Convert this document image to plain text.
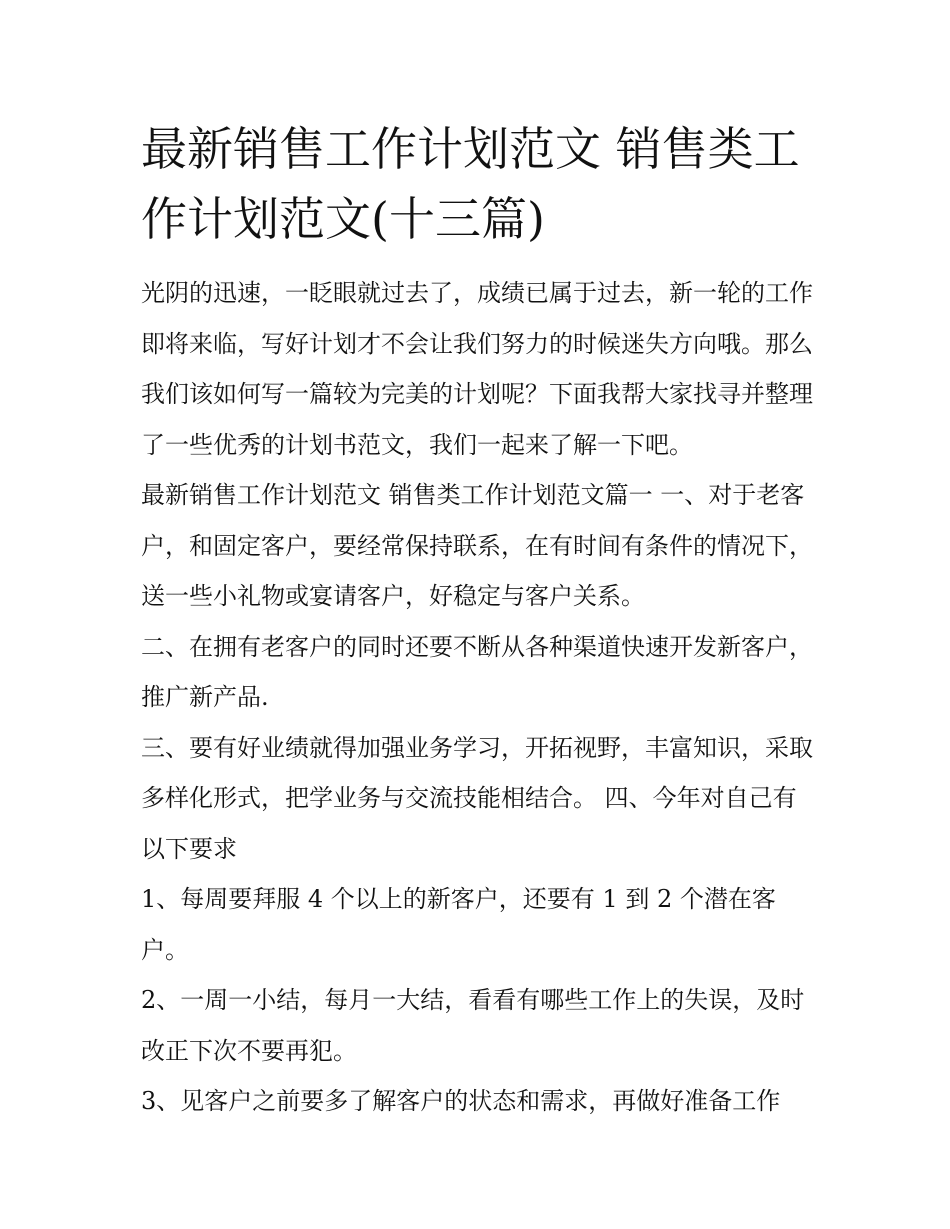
最新销售工作计划范文 销售类工作计划范文(十三篇)

光阴的迅速，一眨眼就过去了，成绩已属于过去，新一轮的工作即将来临，写好计划才不会让我们努力的时候迷失方向哦。那么我们该如何写一篇较为完美的计划呢？下面我帮大家找寻并整理了一些优秀的计划书范文，我们一起来了解一下吧。

最新销售工作计划范文 销售类工作计划范文篇一 一、对于老客户，和固定客户，要经常保持联系，在有时间有条件的情况下，送一些小礼物或宴请客户，好稳定与客户关系。

二、在拥有老客户的同时还要不断从各种渠道快速开发新客户，推广新产品.

三、要有好业绩就得加强业务学习，开拓视野，丰富知识，采取多样化形式，把学业务与交流技能相结合。 四、今年对自己有以下要求

1、每周要拜服 4 个以上的新客户，还要有 1 到 2 个潜在客户。

2、一周一小结，每月一大结，看看有哪些工作上的失误，及时改正下次不要再犯。

3、见客户之前要多了解客户的状态和需求，再做好准备工作
